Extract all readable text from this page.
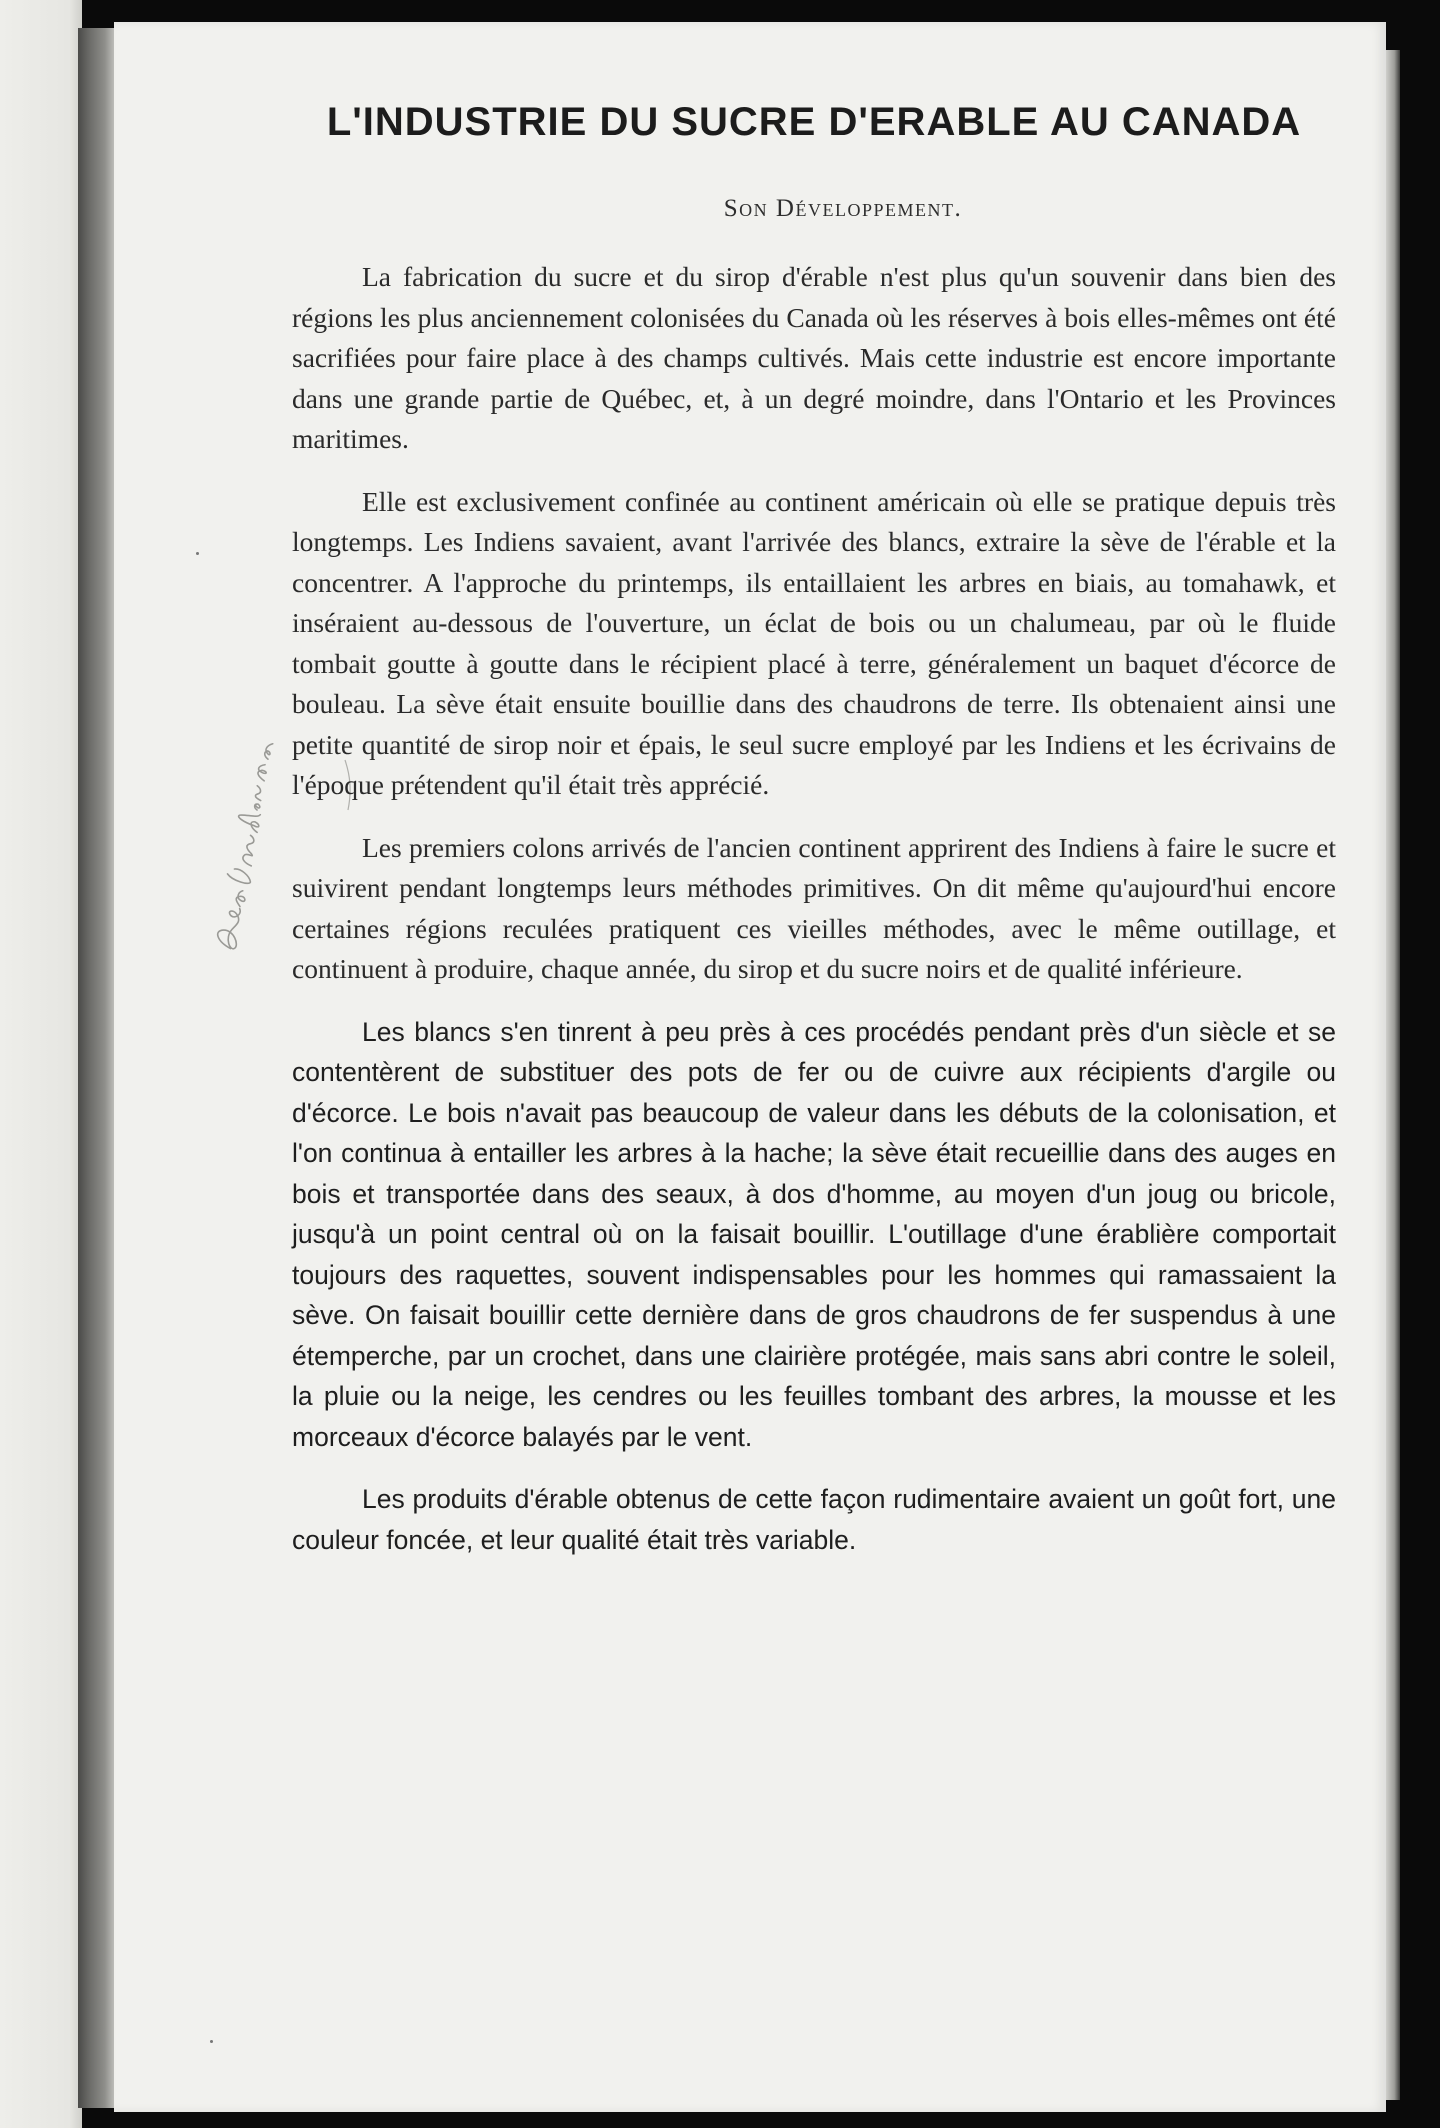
L'INDUSTRIE DU SUCRE D'ERABLE AU CANADA
Son Développement.

La fabrication du sucre et du sirop d'érable n'est plus qu'un souvenir dans bien des régions les plus anciennement colonisées du Canada où les réserves à bois elles-mêmes ont été sacrifiées pour faire place à des champs cultivés. Mais cette industrie est encore importante dans une grande partie de Québec, et, à un degré moindre, dans l'Ontario et les Provinces maritimes.

Elle est exclusivement confinée au continent américain où elle se pratique depuis très longtemps. Les Indiens savaient, avant l'arrivée des blancs, extraire la sève de l'érable et la concentrer. A l'approche du printemps, ils entaillaient les arbres en biais, au tomahawk, et inséraient au-dessous de l'ouverture, un éclat de bois ou un chalumeau, par où le fluide tombait goutte à goutte dans le récipient placé à terre, généralement un baquet d'écorce de bouleau. La sève était ensuite bouillie dans des chaudrons de terre. Ils obtenaient ainsi une petite quantité de sirop noir et épais, le seul sucre employé par les Indiens et les écrivains de l'époque prétendent qu'il était très apprécié.

Les premiers colons arrivés de l'ancien continent apprirent des Indiens à faire le sucre et suivirent pendant longtemps leurs méthodes primitives. On dit même qu'aujourd'hui encore certaines régions reculées pratiquent ces vieilles méthodes, avec le même outillage, et continuent à produire, chaque année, du sirop et du sucre noirs et de qualité inférieure.

Les blancs s'en tinrent à peu près à ces procédés pendant près d'un siècle et se contentèrent de substituer des pots de fer ou de cuivre aux récipients d'argile ou d'écorce. Le bois n'avait pas beaucoup de valeur dans les débuts de la colonisation, et l'on continua à entailler les arbres à la hache; la sève était recueillie dans des auges en bois et transportée dans des seaux, à dos d'homme, au moyen d'un joug ou bricole, jusqu'à un point central où on la faisait bouillir. L'outillage d'une érablière comportait toujours des raquettes, souvent indispensables pour les hommes qui ramassaient la sève. On faisait bouillir cette dernière dans de gros chaudrons de fer suspendus à une étemperche, par un crochet, dans une clairière protégée, mais sans abri contre le soleil, la pluie ou la neige, les cendres ou les feuilles tombant des arbres, la mousse et les morceaux d'écorce balayés par le vent.

Les produits d'érable obtenus de cette façon rudimentaire avaient un goût fort, une couleur foncée, et leur qualité était très variable.
